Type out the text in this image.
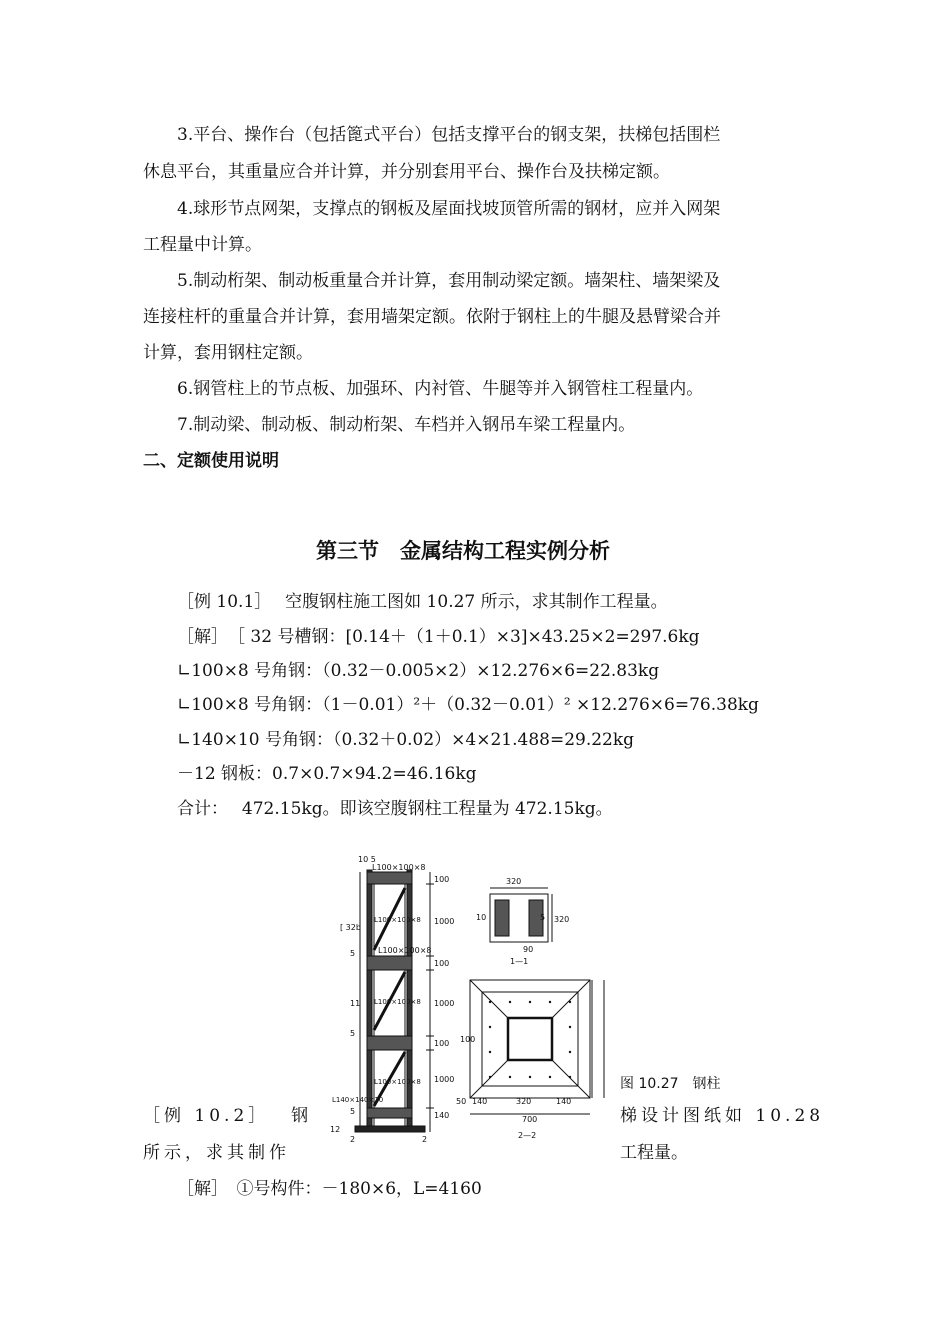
3.平台、操作台（包括篦式平台）包括支撑平台的钢支架，扶梯包括围栏
休息平台，其重量应合并计算，并分别套用平台、操作台及扶梯定额。
4.球形节点网架，支撑点的钢板及屋面找坡顶管所需的钢材，应并入网架
工程量中计算。
5.制动桁架、制动板重量合并计算，套用制动梁定额。墙架柱、墙架梁及
连接柱杆的重量合并计算，套用墙架定额。依附于钢柱上的牛腿及悬臂梁合并
计算，套用钢柱定额。
6.钢管柱上的节点板、加强环、内衬管、牛腿等并入钢管柱工程量内。
7.制动梁、制动板、制动桁架、车档并入钢吊车梁工程量内。
二、定额使用说明
第三节　金属结构工程实例分析
［例 10.1］　 空腹钢柱施工图如 10.27 所示，求其制作工程量。
［解］　［ 32 号槽钢：[0.14＋（1＋0.1）×3]×43.25×2=297.6kg
∟100×8 号角钢：（0.32－0.005×2）×12.276×6=22.83kg
∟100×8 号角钢：（1－0.01）²＋（0.32－0.01）² ×12.276×6=76.38kg
∟140×10 号角钢：（0.32＋0.02）×4×21.488=29.22kg
－12 钢板：0.7×0.7×94.2=46.16kg
合计：　 472.15kg。即该空腹钢柱工程量为 472.15kg。
10 5
L100×100×8
100
1000
100
1000
100
1000
140
[ 32b
L100×100×8
L100×100×8
L100×100×8
L100×100×8
L140×140×10
11
12
2	2
5
5
5
320
320
10	5
90
1—1
50 140	320	140
700
100
2—2
图 10.27　钢柱
［例 10.2］　 钢	梯设计图纸如 10.28
所示，求其制作	工程量。
［解］　①号构件：－180×6，L=4160
